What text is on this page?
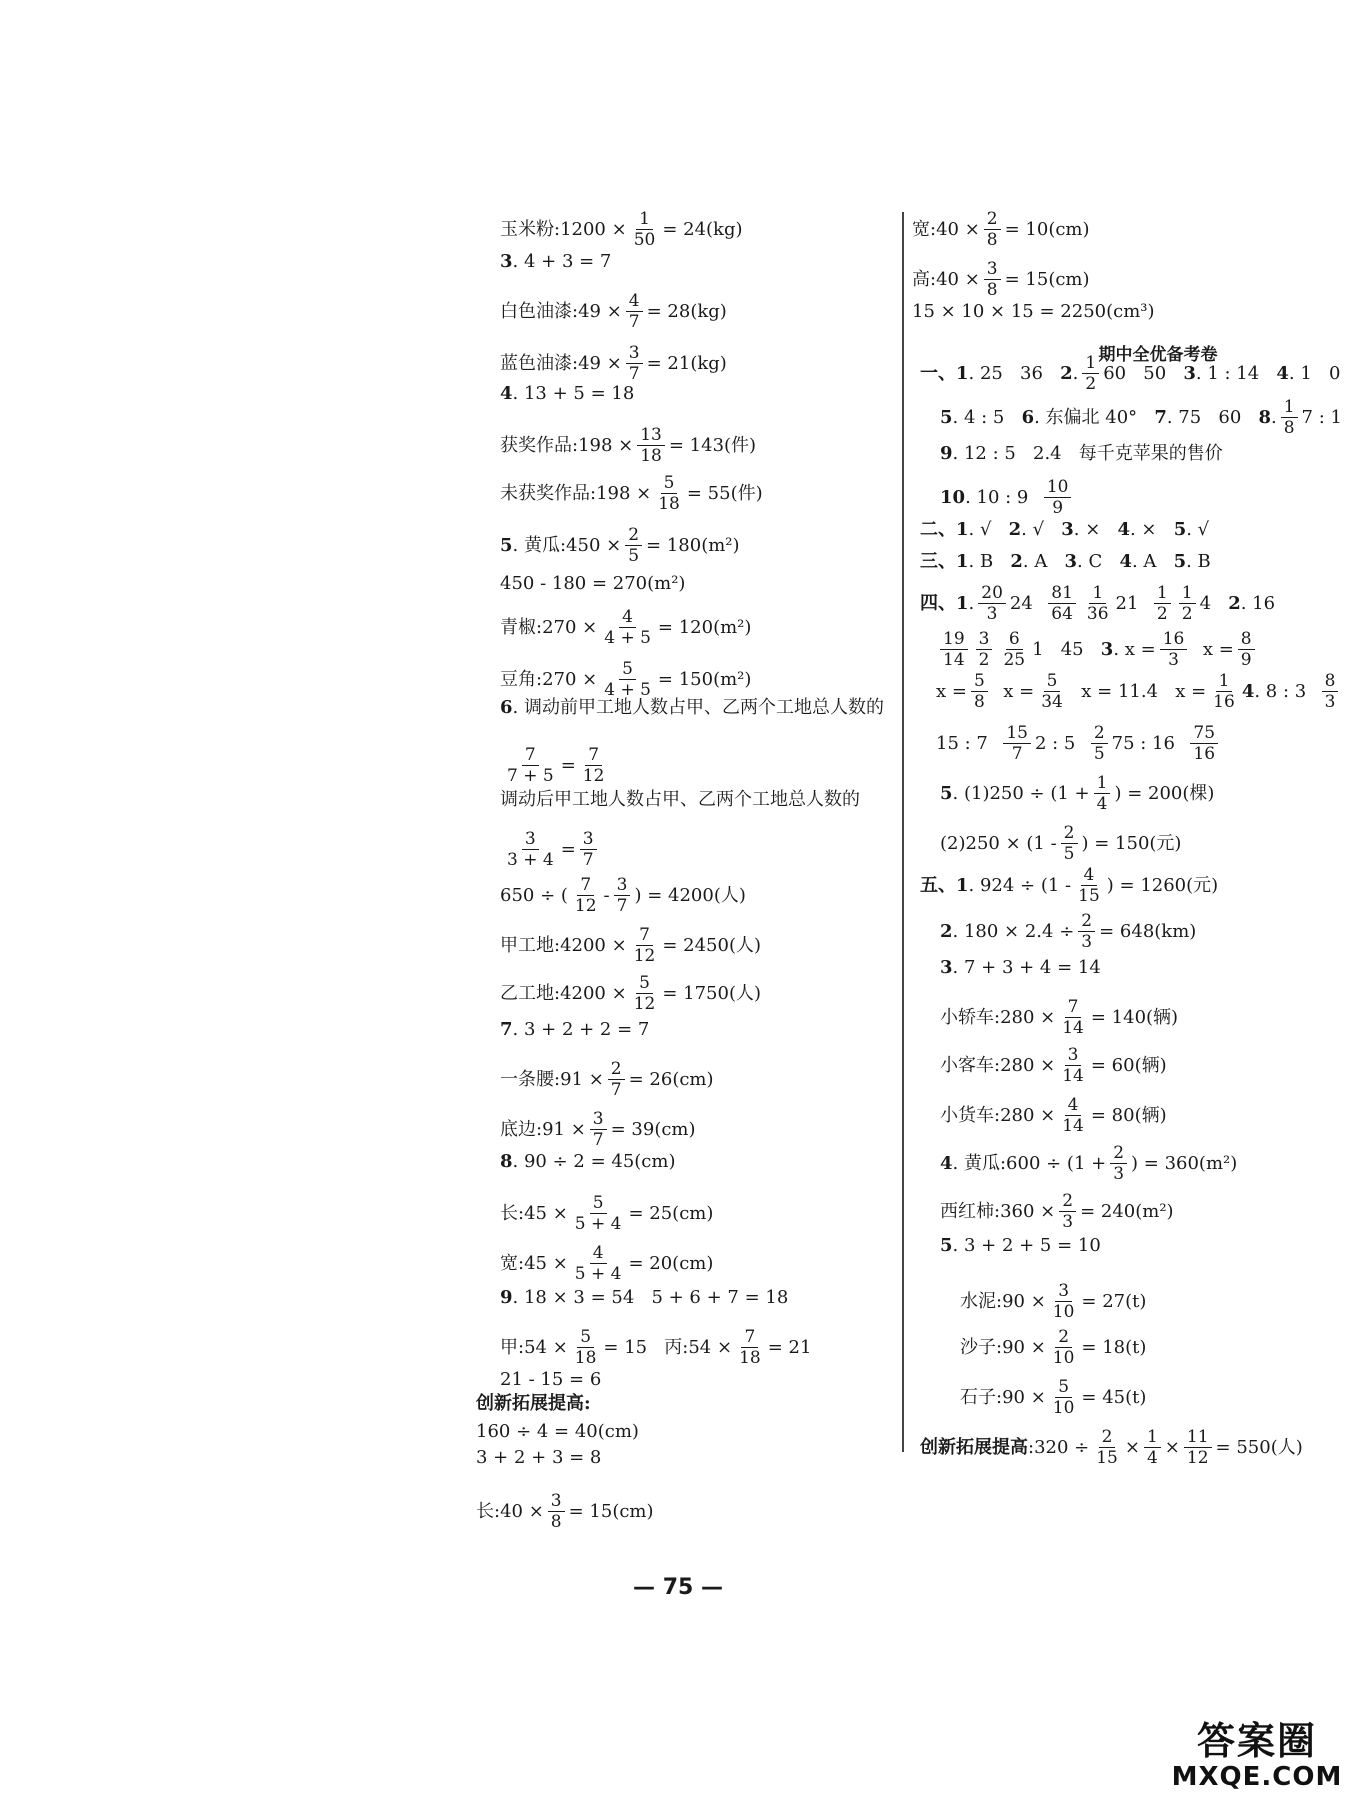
玉米粉:1200 × $\frac{1}{50} = 24(kg)$
3 . 4 + 3 = 7
白色油漆:49 × $\frac{4}{7} = 28(kg)$
蓝色油漆:49 × $\frac{3}{7} = 21(kg)$
4 . 13 + 5 = 18
获奖作品:198 × $\frac{13}{18} = 143$(件)
未获奖作品:198 × $\frac{5}{18} = 55$(件)
5 . 黄瓜:450 × $\frac{2}{5} = 180(m^2)$
450 - 180 = 270(m²)
青椒:270 × $\frac{4}{4 + 5} = 120(m^2)$
豆角:270 × $\frac{5}{4 + 5} = 150(m^2)$
6 . 调动前甲工地人数占甲、乙两个工地总人数的
$\frac{7}{7 + 5} = \frac{7}{12}$
调动后甲工地人数占甲、乙两个工地总人数的
$\frac{3}{3 + 4} = \frac{3}{7}$
650 ÷ ( $\frac{7}{12} - \frac{3}{7}$ ) = 4200(人)
甲工地:4200 × $\frac{7}{12} = 2450$(人)
乙工地:4200 × $\frac{5}{12} = 1750$(人)
7 . 3 + 2 + 2 = 7
一条腰:91 × $\frac{2}{7} = 26(cm)$
底边:91 × $\frac{3}{7} = 39(cm)$
8 . 90 ÷ 2 = 45(cm)
长:45 × $\frac{5}{5 + 4} = 25(cm)$
宽:45 × $\frac{4}{5 + 4} = 20(cm)$
9 . 18 × 3 = 54   5 + 6 + 7 = 18
甲:54 × $\frac{5}{18} = 15$   丙:54 × $\frac{7}{18} = 21$
21 - 15 = 6
创新拓展提高:
160 ÷ 4 = 40(cm)
3 + 2 + 3 = 8
长:40 × $\frac{3}{8} = 15(cm)$
期中全优备考卷
宽:40 × $\frac{2}{8} = 10(cm)$
高:40 × $\frac{3}{8} = 15(cm)$
15 × 10 × 15 = 2250(cm³)
一、1 . 25   36 2 . $\frac{1}{2} 60$   50 3 . 1 : 14 4 . 1   0
5 . 4 : 5 6 . 东偏北 40° 7 . 75   60 8 . $\frac{1}{8} 7$ : 1
9 . 12 : 5   2.4   每千克苹果的售价
10 . 10 : $9 \frac{10}{9}$
二、1 . √ 2 . √ 3 . × 4 . × 5 . √
三、1 . B 2 . A 3 . C 4 . A 5 . B
四、1 . $\frac{20}{3} 24 \frac{81}{64} \frac{1}{36} 21 \frac{1}{2} \frac{1}{2} 4$ 2 . 16
$\frac{19}{14} \frac{3}{2} \frac{6}{25} 1$   45 3 . $x = \frac{16}{3}$ $x = \frac{8}{9}$
$x = \frac{5}{8}$ $x = \frac{5}{34}$ x = 11.4   $x = \frac{1}{16} 4$ . 8 : $3 \frac{8}{3}$
15 : $7 \frac{15}{7} 2$ : $5 \frac{2}{5} 75$ : $16 \frac{75}{16}$
5 . $(1)250 \div (1 + \frac{1}{4}$ ) = 200(棵)
$(2)250 \times (1 - \frac{2}{5}$ ) = 150(元)
五、1 . $924 \div (1 - \frac{4}{15}$ ) = 1260(元)
2 . $180 \times 2.4 \div \frac{2}{3} = 648(km)$
3 . 7 + 3 + 4 = 14
小轿车:280 × $\frac{7}{14} = 140$(辆)
小客车:280 × $\frac{3}{14} = 60$(辆)
小货车:280 × $\frac{4}{14} = 80$(辆)
4 . 黄瓜:600 ÷ ($1 + \frac{2}{3}$ ) = 360(m²)
西红柿:360 × $\frac{2}{3} = 240(m^2)$
5 . 3 + 2 + 5 = 10
水泥:90 × $\frac{3}{10} = 27(t)$
沙子:90 × $\frac{2}{10} = 18(t)$
石子:90 × $\frac{5}{10} = 45(t)$
创新拓展提高 :320 ÷ $\frac{2}{15} \times \frac{1}{4} \times \frac{11}{12} = 550$(人)
— 75 —
答案圈
MXQE.COM
